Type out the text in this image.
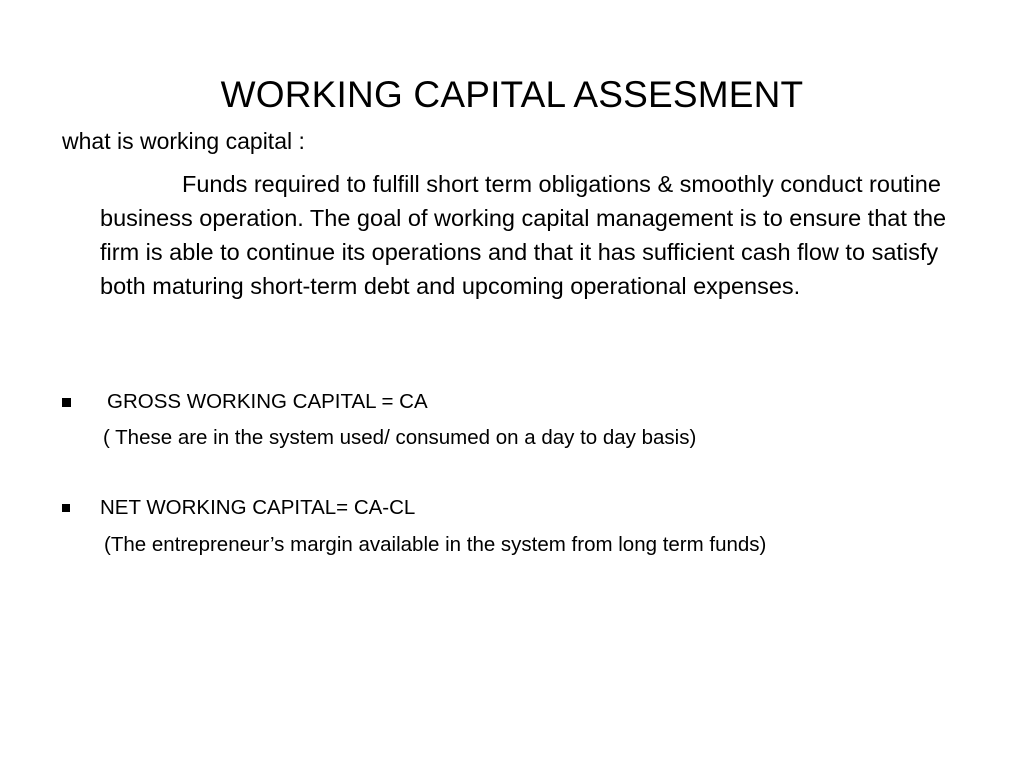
WORKING CAPITAL ASSESMENT
what is working capital :
Funds required to fulfill short term obligations & smoothly conduct routine business operation. The goal of working capital management is to ensure that the firm is able to continue its operations and that it has sufficient cash flow to satisfy both maturing short-term debt and upcoming operational expenses.
GROSS WORKING CAPITAL = CA
( These are in the system used/ consumed on a day to day basis)
NET WORKING CAPITAL= CA-CL
(The entrepreneur’s margin available in the system from long term funds)
